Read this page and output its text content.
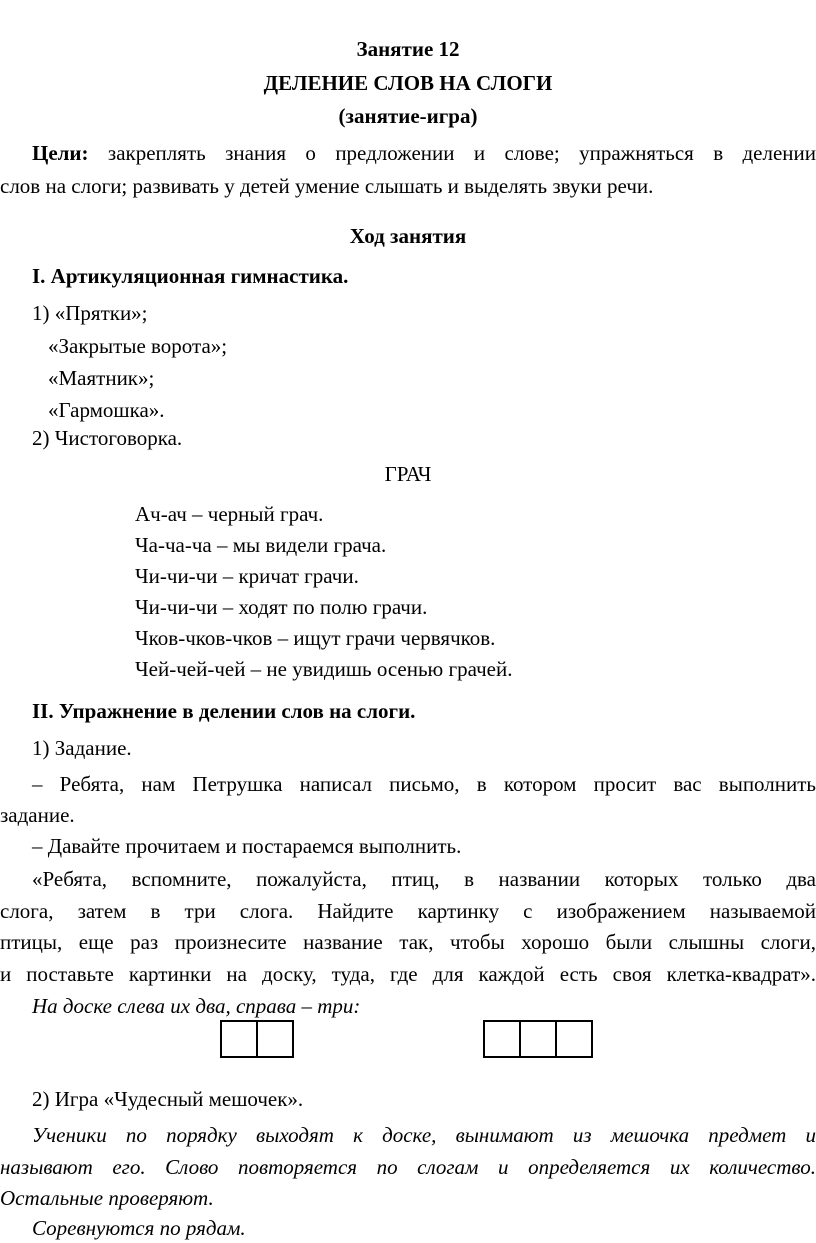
Занятие 12
ДЕЛЕНИЕ СЛОВ НА СЛОГИ
(занятие-игра)
Цели: закреплять знания о предложении и слове; упражняться в делении
слов на слоги; развивать у детей умение слышать и выделять звуки речи.
Ход занятия
I. Артикуляционная гимнастика.
1) «Прятки»;
«Закрытые ворота»;
«Маятник»;
«Гармошка».
2) Чистоговорка.
ГРАЧ
Ач-ач – черный грач.
Ча-ча-ча – мы видели грача.
Чи-чи-чи – кричат грачи.
Чи-чи-чи – ходят по полю грачи.
Чков-чков-чков – ищут грачи червячков.
Чей-чей-чей – не увидишь осенью грачей.
II. Упражнение в делении слов на слоги.
1) Задание.
– Ребята, нам Петрушка написал письмо, в котором просит вас выполнить
задание.
– Давайте прочитаем и постараемся выполнить.
«Ребята, вспомните, пожалуйста, птиц, в названии которых только два
слога, затем в три слога. Найдите картинку с изображением называемой
птицы, еще раз произнесите название так, чтобы хорошо были слышны слоги,
и поставьте картинки на доску, туда, где для каждой есть своя клетка-квадрат».
На доске слева их два, справа – три:
2) Игра «Чудесный мешочек».
Ученики по порядку выходят к доске, вынимают из мешочка предмет и
называют его. Слово повторяется по слогам и определяется их количество.
Остальные проверяют.
Соревнуются по рядам.
